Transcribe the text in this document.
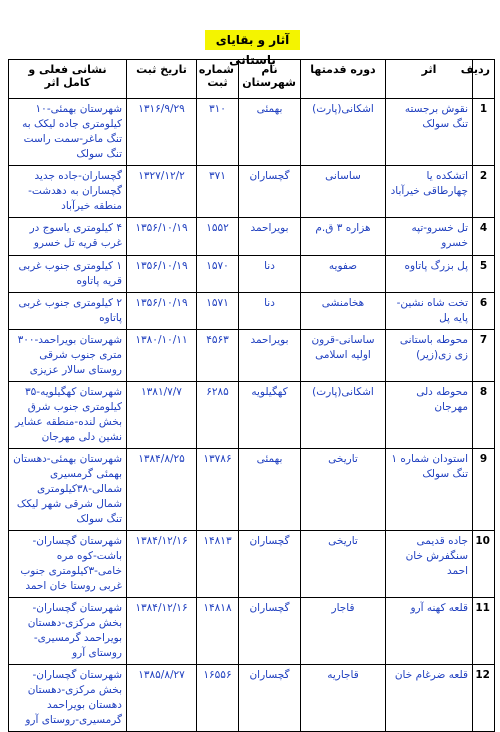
آثار و بقایای باستانی
ردیف	اثر	دوره قدمتها	نام شهرستان	شماره ثبت	تاریخ ثبت	نشانی فعلی و کامل اثر
1	نقوش برجسته تنگ سولک	اشکانی(پارت)	بهمئی	۳۱۰	۱۳۱۶/۹/۲۹	شهرستان بهمئی-۱۰ کیلومتری جاده لیکک به تنگ ماغر-سمت راست تنگ سولک
2	اتشکده یا چهارطاقی خیرآباد	ساسانی	گچساران	۳۷۱	۱۳۲۷/۱۲/۲	گچساران-جاده جدید گچساران به دهدشت-منطقه خیرآباد
4	تل خسرو-تپه خسرو	هزاره ۳ ق.م	بویراحمد	۱۵۵۲	۱۳۵۶/۱۰/۱۹	۴ کیلومتری یاسوج در غرب قریه تل خسرو
5	پل بزرگ پاتاوه	صفویه	دنا	۱۵۷۰	۱۳۵۶/۱۰/۱۹	۱ کیلومتری جنوب غربی قریه پاتاوه
6	تخت شاه نشین-پایه پل	هخامنشی	دنا	۱۵۷۱	۱۳۵۶/۱۰/۱۹	۲ کیلومتری جنوب غربی پاتاوه
7	محوطه باستانی زی زی(زیر)	ساسانی-قرون اولیه اسلامی	بویراحمد	۴۵۶۳	۱۳۸۰/۱۰/۱۱	شهرستان بویراحمد-۳۰۰ متری جنوب شرقی روستای سالار عزیزی
8	محوطه دلی مهرجان	اشکانی(پارت)	کهگیلویه	۶۲۸۵	۱۳۸۱/۷/۷	شهرستان کهگیلویه-۳۵ کیلومتری جنوب شرق بخش لنده-منطقه عشایر نشین دلی مهرجان
9	استودان شماره ۱ تنگ سولک	تاریخی	بهمئی	۱۳۷۸۶	۱۳۸۴/۸/۲۵	شهرستان بهمئی-دهستان بهمئی گرمسیری شمالی-۳۸کیلومتری شمال شرقی شهر لیکک تنگ سولک
10	جاده قدیمی سنگفرش خان احمد	تاریخی	گچساران	۱۴۸۱۳	۱۳۸۴/۱۲/۱۶	شهرستان گچساران- باشت-کوه مره خامی-۳کیلومتری جنوب غربی روستا خان احمد
11	قلعه کهنه آرو	قاجار	گچساران	۱۴۸۱۸	۱۳۸۴/۱۲/۱۶	شهرستان گچساران-بخش مرکزی-دهستان بویراحمد گرمسیری-روستای آرو
12	قلعه ضرغام خان	قاجاریه	گچساران	۱۶۵۵۶	۱۳۸۵/۸/۲۷	شهرستان گچساران-بخش مرکزی-دهستان دهستان بویراحمد گرمسیری-روستای آرو
